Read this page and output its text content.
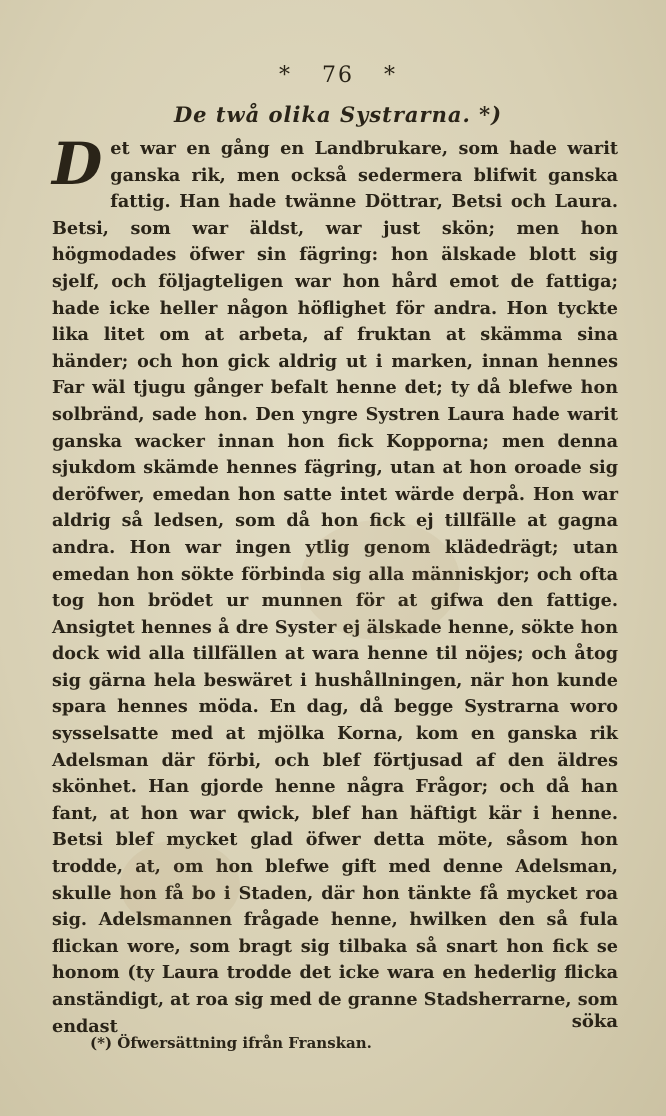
* 76 *
De twå olika Systrarna. *)
Det war en gång en Landbrukare, som hade warit ganska rik, men också sedermera blifwit ganska fattig. Han hade twänne Döttrar, Betsi och Laura. Betsi, som war äldst, war just skön; men hon högmodades öfwer sin fägring: hon älskade blott sig sjelf, och följagteligen war hon hård emot de fattiga; hade icke heller någon höflighet för andra. Hon tyckte lika litet om at arbeta, af fruktan at skämma sina händer; och hon gick aldrig ut i marken, innan hennes Far wäl tjugu gånger befalt henne det; ty då blefwe hon solbränd, sade hon. Den yngre Systren Laura hade warit ganska wacker innan hon fick Kopporna; men denna sjukdom skämde hennes fägring, utan at hon oroade sig deröfwer, emedan hon satte intet wärde derpå. Hon war aldrig så ledsen, som då hon fick ej tillfälle at gagna andra. Hon war ingen ytlig genom klädedrägt; utan emedan hon sökte förbinda sig alla människjor; och ofta tog hon brödet ur munnen för at gifwa den fattige. Ansigtet hennes å dre Syster ej älskade henne, sökte hon dock wid alla tillfällen at wara henne til nöjes; och åtog sig gärna hela beswäret i hushållningen, när hon kunde spara hennes möda. En dag, då begge Systrarna woro sysselsatte med at mjölka Korna, kom en ganska rik Adelsman där förbi, och blef förtjusad af den äldres skönhet. Han gjorde henne några Frågor; och då han fant, at hon war qwick, blef han häftigt kär i henne. Betsi blef mycket glad öfwer detta möte, såsom hon trodde, at, om hon blefwe gift med denne Adelsman, skulle hon få bo i Staden, där hon tänkte få mycket roa sig. Adelsmannen frågade henne, hwilken den så fula flickan wore, som bragt sig tilbaka så snart hon fick se honom (ty Laura trodde det icke wara en hederlig flicka anständigt, at roa sig med de granne Stadsherrarne, som endast	söka
(*) Öfwersättning ifrån Franskan.
